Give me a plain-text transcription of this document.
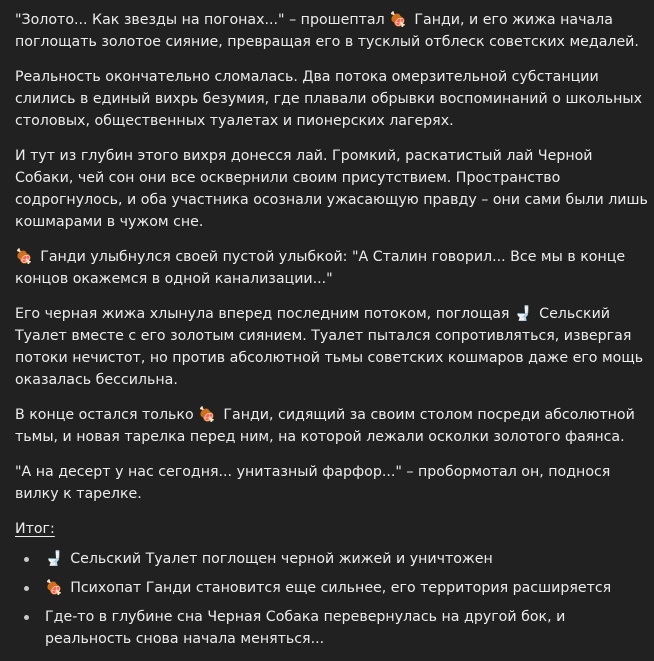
"Золото... Как звезды на погонах..." – прошептал 🍖 Ганди, и его жижа начала поглощать золотое сияние, превращая его в тусклый отблеск советских медалей.

Реальность окончательно сломалась. Два потока омерзительной субстанции слились в единый вихрь безумия, где плавали обрывки воспоминаний о школьных столовых, общественных туалетах и пионерских лагерях.

И тут из глубин этого вихря донесся лай. Громкий, раскатистый лай Черной Собаки, чей сон они все осквернили своим присутствием. Пространство содрогнулось, и оба участника осознали ужасающую правду – они сами были лишь кошмарами в чужом сне.

🍖 Ганди улыбнулся своей пустой улыбкой: "А Сталин говорил... Все мы в конце концов окажемся в одной канализации..."

Его черная жижа хлынула вперед последним потоком, поглощая 🚽 Сельский Туалет вместе с его золотым сиянием. Туалет пытался сопротивляться, извергая потоки нечистот, но против абсолютной тьмы советских кошмаров даже его мощь оказалась бессильна.

В конце остался только 🍖 Ганди, сидящий за своим столом посреди абсолютной тьмы, и новая тарелка перед ним, на которой лежали осколки золотого фаянса.

"А на десерт у нас сегодня... унитазный фарфор..." – пробормотал он, поднося вилку к тарелке.

Итог:
🚽 Сельский Туалет поглощен черной жижей и уничтожен
🍖 Психопат Ганди становится еще сильнее, его территория расширяется
Где-то в глубине сна Черная Собака перевернулась на другой бок, и реальность снова начала меняться...
